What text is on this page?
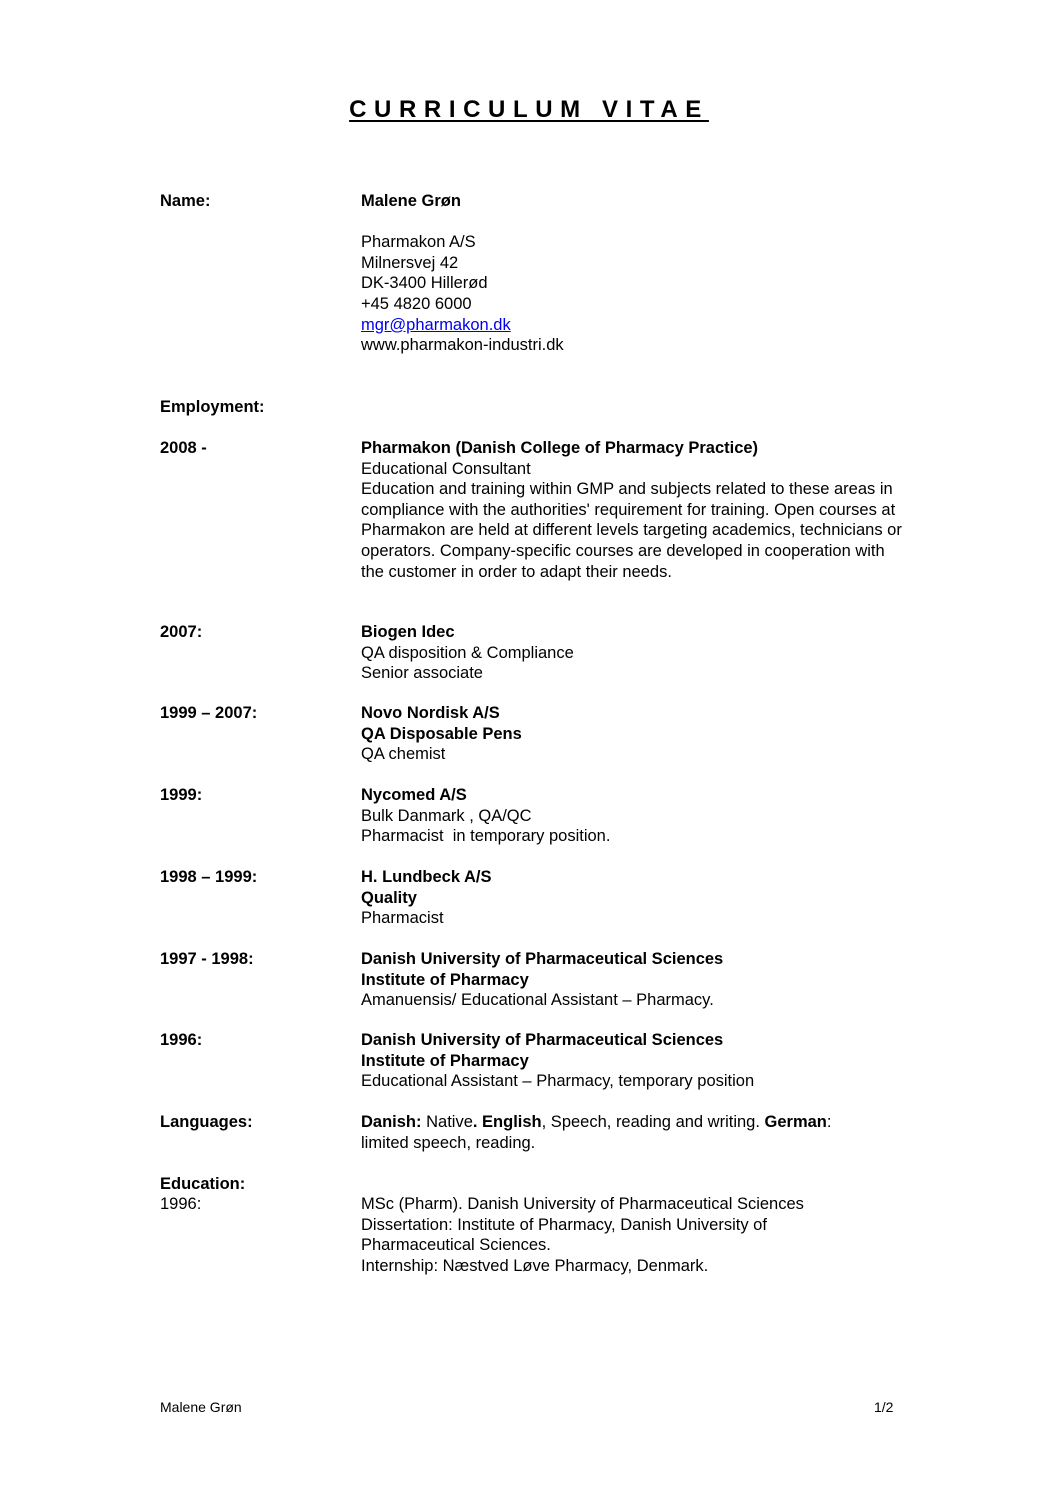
CURRICULUM VITAE
Name:	Malene Grøn
Pharmakon A/S
Milnersvej 42
DK-3400 Hillerød
+45 4820 6000
mgr@pharmakon.dk
www.pharmakon-industri.dk
Employment:
2008 -	Pharmakon (Danish College of Pharmacy Practice)
Educational Consultant
Education and training within GMP and subjects related to these areas in compliance with the authorities' requirement for training. Open courses at Pharmakon are held at different levels targeting academics, technicians or operators. Company-specific courses are developed in cooperation with the customer in order to adapt their needs.
2007:	Biogen Idec
QA disposition & Compliance
Senior associate
1999 – 2007:	Novo Nordisk A/S
QA Disposable Pens
QA chemist
1999:	Nycomed A/S
Bulk Danmark , QA/QC
Pharmacist  in temporary position.
1998 – 1999:	H. Lundbeck A/S
Quality
Pharmacist
1997 - 1998:	Danish University of Pharmaceutical Sciences
Institute of Pharmacy
Amanuensis/ Educational Assistant – Pharmacy.
1996:	Danish University of Pharmaceutical Sciences
Institute of Pharmacy
Educational Assistant – Pharmacy, temporary position
Languages:	Danish: Native. English, Speech, reading and writing. German: limited speech, reading.
Education:
1996:	MSc (Pharm). Danish University of Pharmaceutical Sciences
Dissertation: Institute of Pharmacy, Danish University of Pharmaceutical Sciences.
Internship: Næstved Løve Pharmacy, Denmark.
Malene Grøn	1/2
